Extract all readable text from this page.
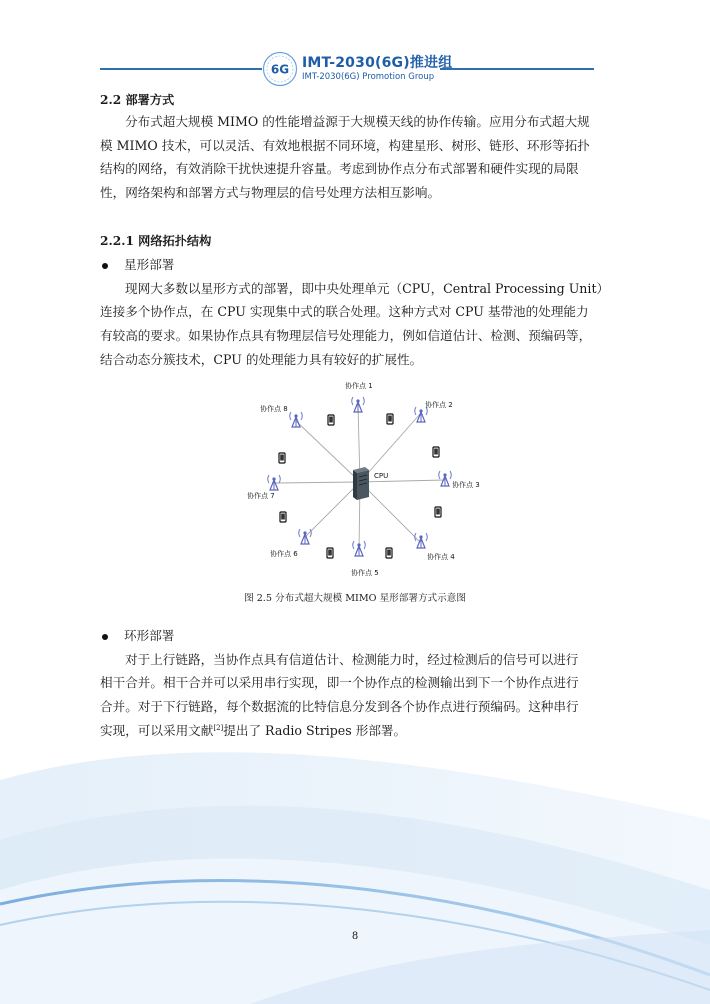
6G IMT-2030(6G)推进组
IMT-2030(6G) Promotion Group
2.2 部署方式
分布式超大规模 MIMO 的性能增益源于大规模天线的协作传输。应用分布式超大规
模 MIMO 技术，可以灵活、有效地根据不同环境，构建星形、树形、链形、环形等拓扑
结构的网络，有效消除干扰快速提升容量。考虑到协作点分布式部署和硬件实现的局限
性，网络架构和部署方式与物理层的信号处理方法相互影响。
2.2.1 网络拓扑结构
星形部署
现网大多数以星形方式的部署，即中央处理单元（CPU，Central Processing Unit）
连接多个协作点，在 CPU 实现集中式的联合处理。这种方式对 CPU 基带池的处理能力
有较高的要求。如果协作点具有物理层信号处理能力，例如信道估计、检测、预编码等，
结合动态分簇技术，CPU 的处理能力具有较好的扩展性。
CPU
协作点 1
协作点 2
协作点 3
协作点 4
协作点 5
协作点 6
协作点 7
协作点 8
图 2.5 分布式超大规模 MIMO 星形部署方式示意图
环形部署
对于上行链路，当协作点具有信道估计、检测能力时，经过检测后的信号可以进行
相干合并。相干合并可以采用串行实现，即一个协作点的检测输出到下一个协作点进行
合并。对于下行链路，每个数据流的比特信息分发到各个协作点进行预编码。这种串行
实现，可以采用文献[2]提出了 Radio Stripes 形部署。
8
